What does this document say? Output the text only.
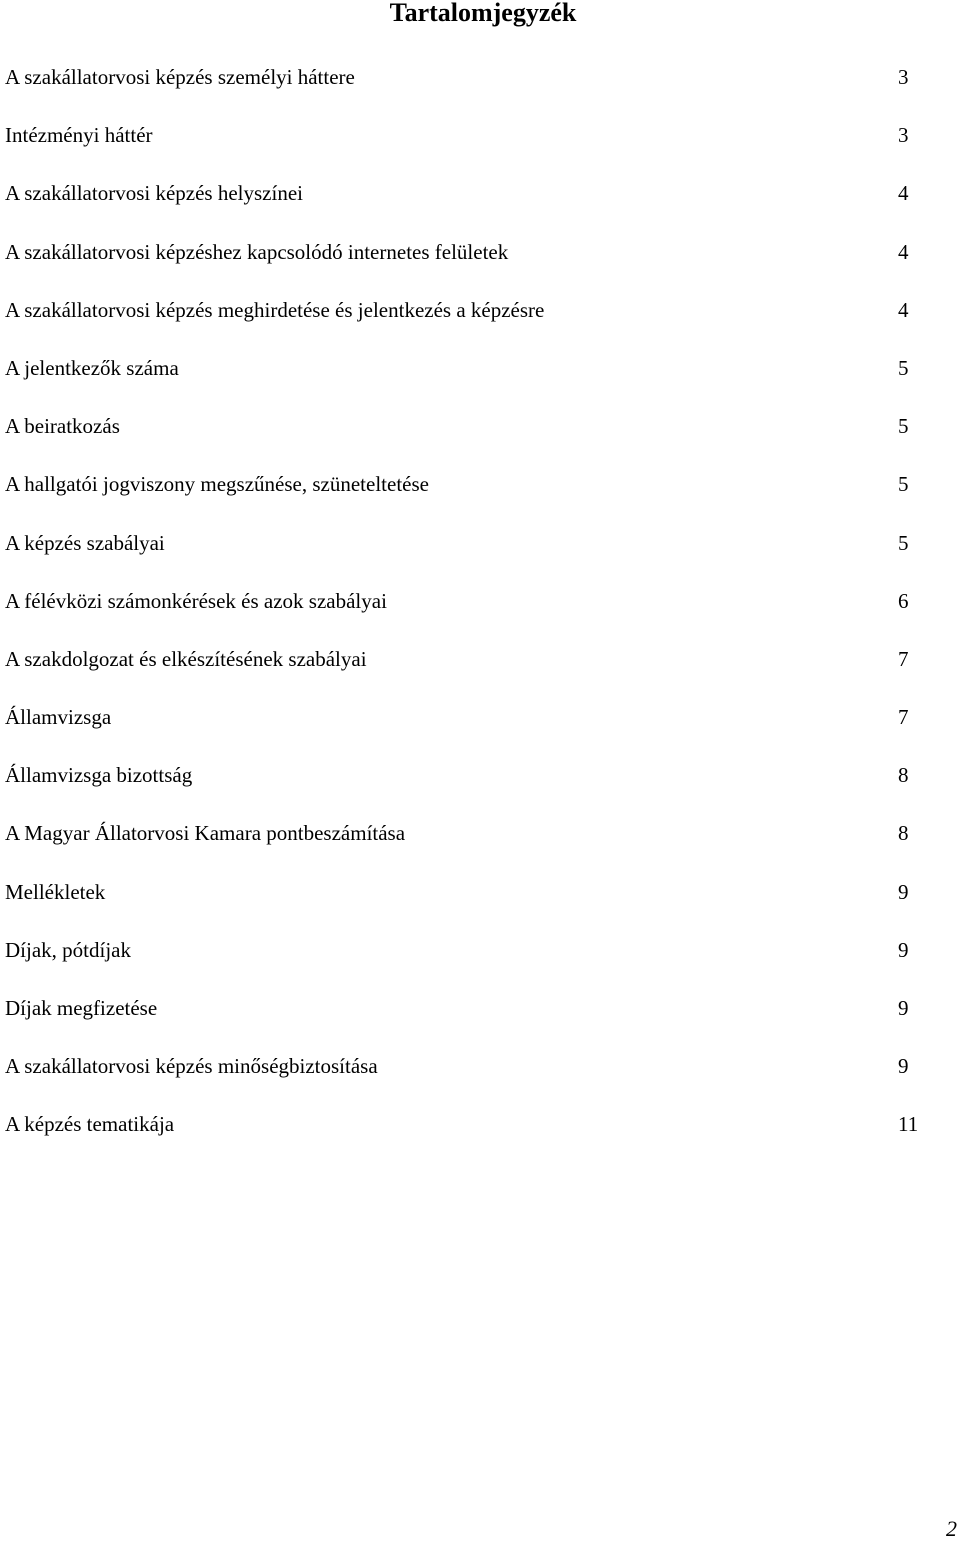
Tartalomjegyzék
A szakállatorvosi képzés személyi háttere	3
Intézményi háttér	3
A szakállatorvosi képzés helyszínei	4
A szakállatorvosi képzéshez kapcsolódó internetes felületek	4
A szakállatorvosi képzés meghirdetése és jelentkezés a képzésre	4
A jelentkezők száma	5
A beiratkozás	5
A hallgatói jogviszony megszűnése, szüneteltetése	5
A képzés szabályai	5
A félévközi számonkérések és azok szabályai	6
A szakdolgozat és elkészítésének szabályai	7
Államvizsga	7
Államvizsga bizottság	8
A Magyar Állatorvosi Kamara pontbeszámítása	8
Mellékletek	9
Díjak, pótdíjak	9
Díjak megfizetése	9
A szakállatorvosi képzés minőségbiztosítása	9
A képzés tematikája	11
2
